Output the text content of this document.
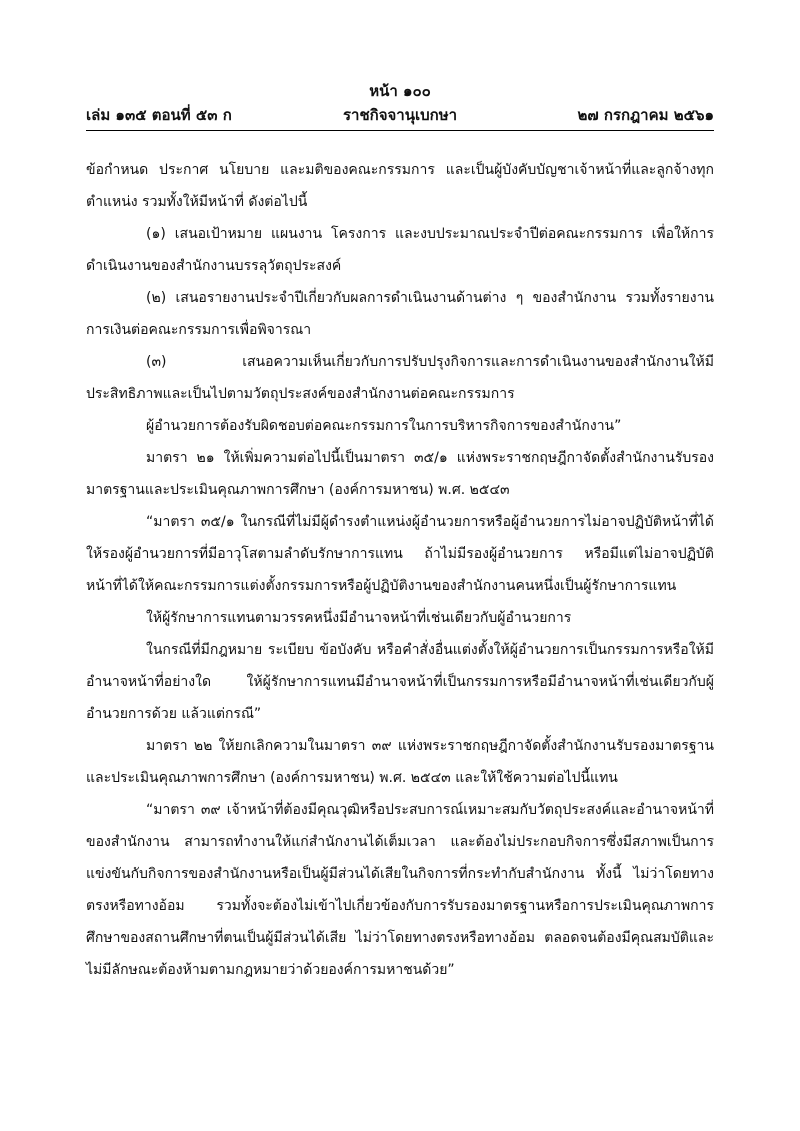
หน้า ๑๐๐
เล่ม ๑๓๕ ตอนที่ ๕๓ ก	ราชกิจจานุเบกษา	๒๗ กรกฎาคม ๒๕๖๑

ข้อกำหนด ประกาศ นโยบาย และมติของคณะกรรมการ และเป็นผู้บังคับบัญชาเจ้าหน้าที่และลูกจ้างทุกตำแหน่ง รวมทั้งให้มีหน้าที่ ดังต่อไปนี้

(๑) เสนอเป้าหมาย แผนงาน โครงการ และงบประมาณประจำปีต่อคณะกรรมการ เพื่อให้การดำเนินงานของสำนักงานบรรลุวัตถุประสงค์

(๒) เสนอรายงานประจำปีเกี่ยวกับผลการดำเนินงานด้านต่าง ๆ ของสำนักงาน รวมทั้งรายงานการเงินต่อคณะกรรมการเพื่อพิจารณา

(๓) เสนอความเห็นเกี่ยวกับการปรับปรุงกิจการและการดำเนินงานของสำนักงานให้มีประสิทธิภาพและเป็นไปตามวัตถุประสงค์ของสำนักงานต่อคณะกรรมการ

ผู้อำนวยการต้องรับผิดชอบต่อคณะกรรมการในการบริหารกิจการของสำนักงาน”

มาตรา ๒๑ ให้เพิ่มความต่อไปนี้เป็นมาตรา ๓๕/๑ แห่งพระราชกฤษฎีกาจัดตั้งสำนักงานรับรองมาตรฐานและประเมินคุณภาพการศึกษา (องค์การมหาชน) พ.ศ. ๒๕๔๓

“มาตรา ๓๕/๑ ในกรณีที่ไม่มีผู้ดำรงตำแหน่งผู้อำนวยการหรือผู้อำนวยการไม่อาจปฏิบัติหน้าที่ได้ให้รองผู้อำนวยการที่มีอาวุโสตามลำดับรักษาการแทน ถ้าไม่มีรองผู้อำนวยการ หรือมีแต่ไม่อาจปฏิบัติหน้าที่ได้ให้คณะกรรมการแต่งตั้งกรรมการหรือผู้ปฏิบัติงานของสำนักงานคนหนึ่งเป็นผู้รักษาการแทน

ให้ผู้รักษาการแทนตามวรรคหนึ่งมีอำนาจหน้าที่เช่นเดียวกับผู้อำนวยการ

ในกรณีที่มีกฎหมาย ระเบียบ ข้อบังคับ หรือคำสั่งอื่นแต่งตั้งให้ผู้อำนวยการเป็นกรรมการหรือให้มีอำนาจหน้าที่อย่างใด ให้ผู้รักษาการแทนมีอำนาจหน้าที่เป็นกรรมการหรือมีอำนาจหน้าที่เช่นเดียวกับผู้อำนวยการด้วย แล้วแต่กรณี”

มาตรา ๒๒ ให้ยกเลิกความในมาตรา ๓๙ แห่งพระราชกฤษฎีกาจัดตั้งสำนักงานรับรองมาตรฐานและประเมินคุณภาพการศึกษา (องค์การมหาชน) พ.ศ. ๒๕๔๓ และให้ใช้ความต่อไปนี้แทน

“มาตรา ๓๙ เจ้าหน้าที่ต้องมีคุณวุฒิหรือประสบการณ์เหมาะสมกับวัตถุประสงค์และอำนาจหน้าที่ของสำนักงาน สามารถทำงานให้แก่สำนักงานได้เต็มเวลา และต้องไม่ประกอบกิจการซึ่งมีสภาพเป็นการแข่งขันกับกิจการของสำนักงานหรือเป็นผู้มีส่วนได้เสียในกิจการที่กระทำกับสำนักงาน ทั้งนี้ ไม่ว่าโดยทางตรงหรือทางอ้อม รวมทั้งจะต้องไม่เข้าไปเกี่ยวข้องกับการรับรองมาตรฐานหรือการประเมินคุณภาพการศึกษาของสถานศึกษาที่ตนเป็นผู้มีส่วนได้เสีย ไม่ว่าโดยทางตรงหรือทางอ้อม ตลอดจนต้องมีคุณสมบัติและไม่มีลักษณะต้องห้ามตามกฎหมายว่าด้วยองค์การมหาชนด้วย”
